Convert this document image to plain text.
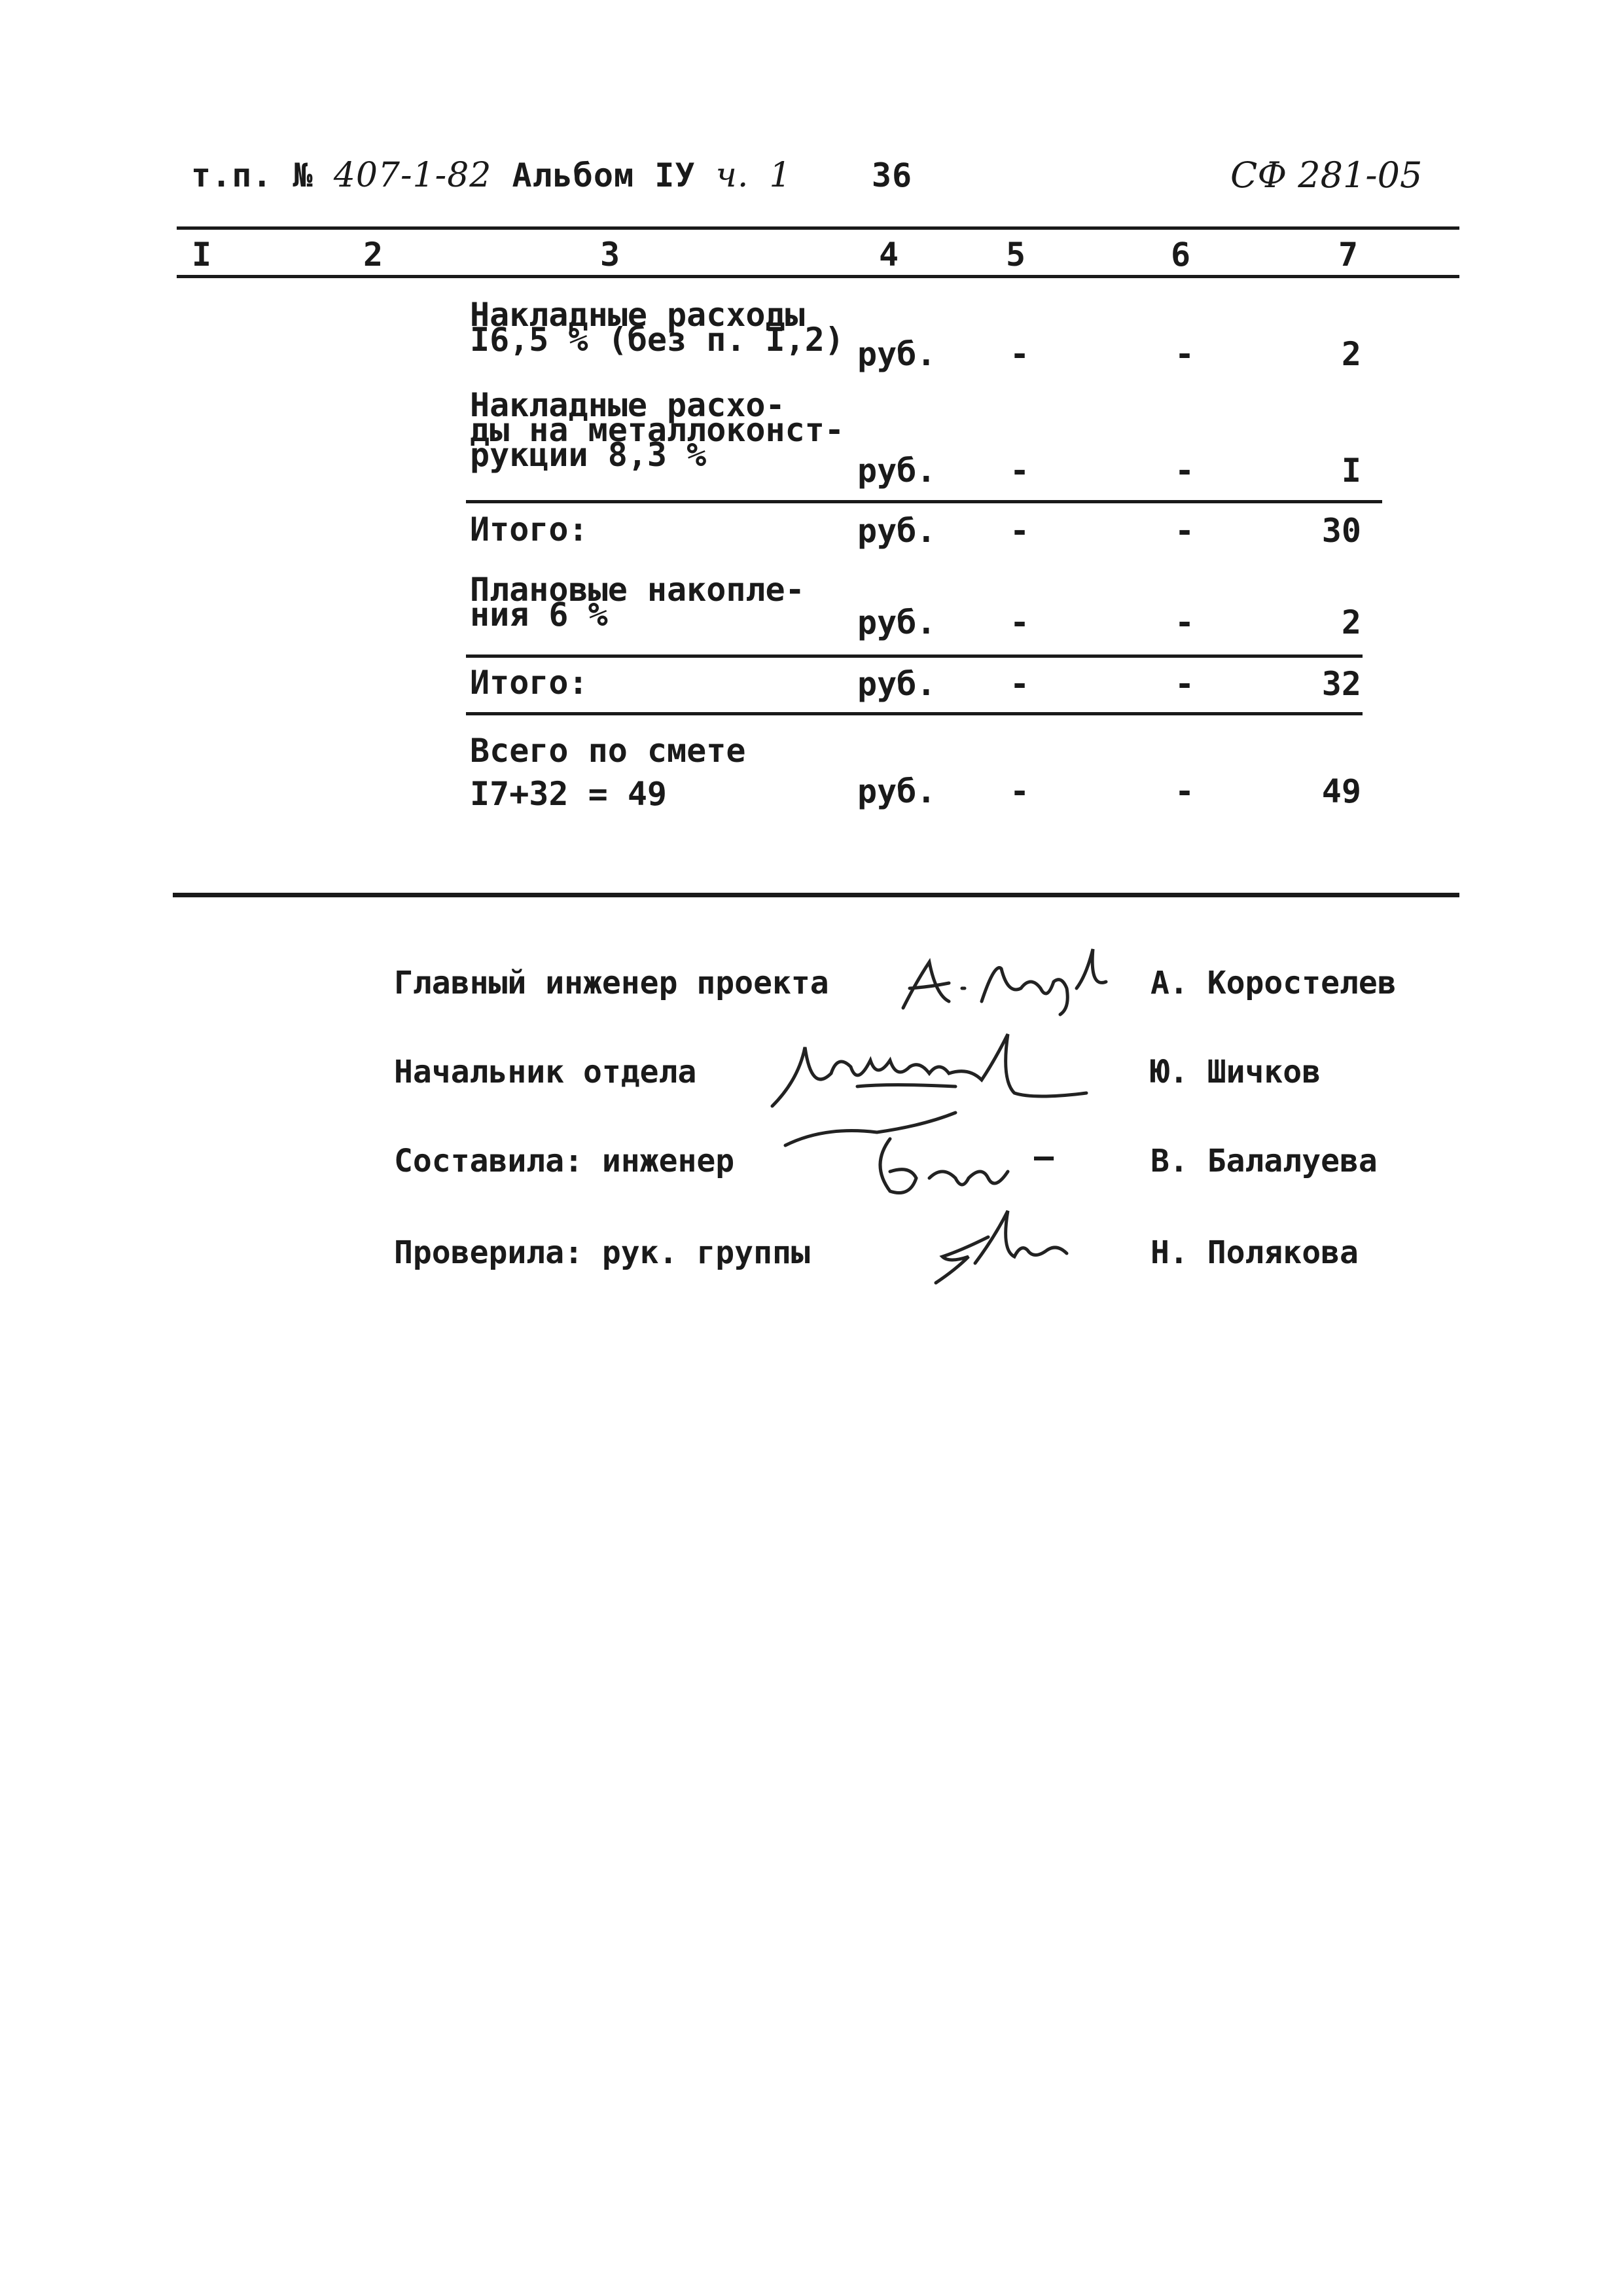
т.п. № 407-1-82 Альбом IУ ч. 1 36	СФ 281-05
I	2	3	4	5	6	7
Накладные расходы
I6,5 % (без п. I,2) руб. -	-	2
Накладные расхо-
ды на металлоконст-
рукции 8,3 %	руб. -	-	I
Итого:	руб. -	-	30
Плановые накопле-
ния 6 %	руб. -	-	2
Итого:	руб. -	-	32
Всего по смете
I7+32 = 49	руб. -	-	49
Главный инженер проекта	А. Коростелев
Начальник отдела	Ю. Шичков
Составила: инженер	–	В. Балалуева
Проверила: рук. группы	Н. Полякова
